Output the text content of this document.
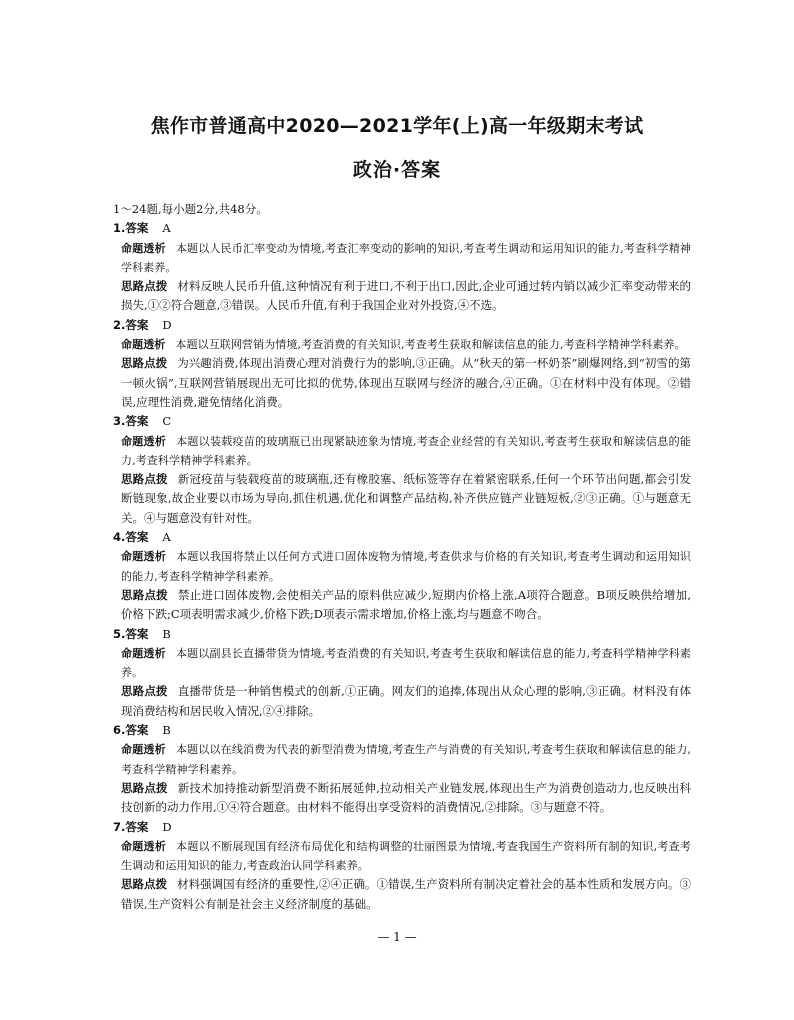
焦作市普通高中2020—2021学年(上)高一年级期末考试
政治·答案

1～24题,每小题2分,共48分。

1.答案 A

命题透析 本题以人民币汇率变动为情境,考查汇率变动的影响的知识,考查考生调动和运用知识的能力,考查科学精神学科素养。

思路点拨 材料反映人民币升值,这种情况有利于进口,不利于出口,因此,企业可通过转内销以减少汇率变动带来的损失,①②符合题意,③错误。人民币升值,有利于我国企业对外投资,④不选。

2.答案 D

命题透析 本题以互联网营销为情境,考查消费的有关知识,考查考生获取和解读信息的能力,考查科学精神学科素养。

思路点拨 为兴趣消费,体现出消费心理对消费行为的影响,③正确。从“秋天的第一杯奶茶”刷爆网络,到“初雪的第一顿火锅”,互联网营销展现出无可比拟的优势,体现出互联网与经济的融合,④正确。①在材料中没有体现。②错误,应理性消费,避免情绪化消费。

3.答案 C

命题透析 本题以装载疫苗的玻璃瓶已出现紧缺迹象为情境,考查企业经营的有关知识,考查考生获取和解读信息的能力,考查科学精神学科素养。

思路点拨 新冠疫苗与装载疫苗的玻璃瓶,还有橡胶塞、纸标签等存在着紧密联系,任何一个环节出问题,都会引发断链现象,故企业要以市场为导向,抓住机遇,优化和调整产品结构,补齐供应链产业链短板,②③正确。①与题意无关。④与题意没有针对性。

4.答案 A

命题透析 本题以我国将禁止以任何方式进口固体废物为情境,考查供求与价格的有关知识,考查考生调动和运用知识的能力,考查科学精神学科素养。

思路点拨 禁止进口固体废物,会使相关产品的原料供应减少,短期内价格上涨,A项符合题意。B项反映供给增加,价格下跌;C项表明需求减少,价格下跌;D项表示需求增加,价格上涨,均与题意不吻合。

5.答案 B

命题透析 本题以副县长直播带货为情境,考查消费的有关知识,考查考生获取和解读信息的能力,考查科学精神学科素养。

思路点拨 直播带货是一种销售模式的创新,①正确。网友们的追捧,体现出从众心理的影响,③正确。材料没有体现消费结构和居民收入情况,②④排除。

6.答案 B

命题透析 本题以以在线消费为代表的新型消费为情境,考查生产与消费的有关知识,考查考生获取和解读信息的能力,考查科学精神学科素养。

思路点拨 新技术加持推动新型消费不断拓展延伸,拉动相关产业链发展,体现出生产为消费创造动力,也反映出科技创新的动力作用,①④符合题意。由材料不能得出享受资料的消费情况,②排除。③与题意不符。

7.答案 D

命题透析 本题以不断展现国有经济布局优化和结构调整的壮丽图景为情境,考查我国生产资料所有制的知识,考查考生调动和运用知识的能力,考查政治认同学科素养。

思路点拨 材料强调国有经济的重要性,②④正确。①错误,生产资料所有制决定着社会的基本性质和发展方向。③错误,生产资料公有制是社会主义经济制度的基础。

— 1 —
